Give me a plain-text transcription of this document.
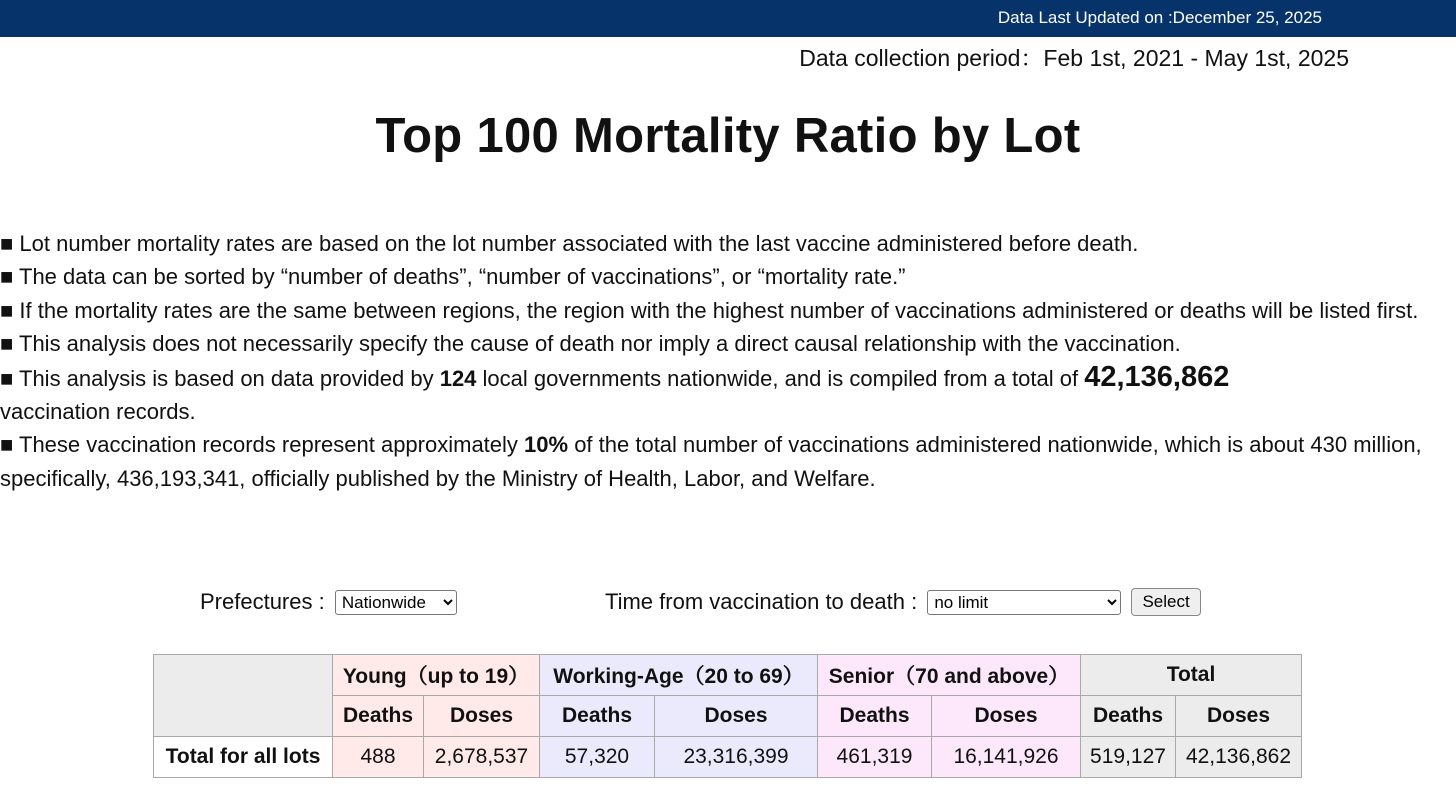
Data Last Updated on :December 25, 2025
Data collection period：Feb 1st, 2021 - May 1st, 2025
Top 100 Mortality Ratio by Lot

■ Lot number mortality rates are based on the lot number associated with the last vaccine administered before death.

■ The data can be sorted by “number of deaths”, “number of vaccinations”, or “mortality rate.”

■ If the mortality rates are the same between regions, the region with the highest number of vaccinations administered or deaths will be listed first.

■ This analysis does not necessarily specify the cause of death nor imply a direct causal relationship with the vaccination.

■ This analysis is based on data provided by 124 local governments nationwide, and is compiled from a total of 42,136,862
vaccination records.

■ These vaccination records represent approximately 10% of the total number of vaccinations administered nationwide, which is about 430 million,
specifically, 436,193,341, officially published by the Ministry of Health, Labor, and Welfare.

Prefectures :
Nationwide	Time from vaccination to death :
no limit	Select
	Young（up to 19）		Working-Age（20 to 69）		Senior（70 and above）		Total	
	Deaths	Doses	Deaths	Doses	Deaths	Doses	Deaths	Doses
Total for all lots	488	2,678,537	57,320	23,316,399	461,319	16,141,926	519,127	42,136,862
